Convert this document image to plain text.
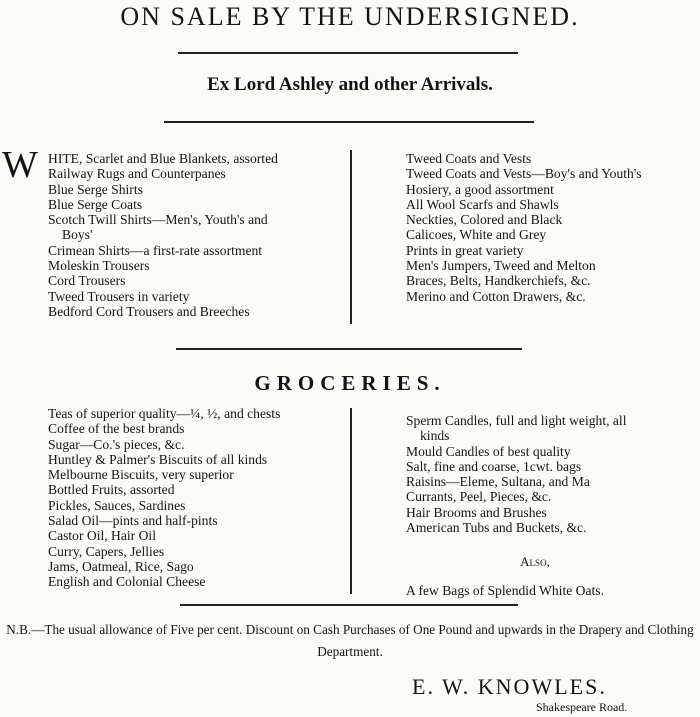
ON SALE BY THE UNDERSIGNED.
Ex Lord Ashley and other Arrivals.
W HITE, Scarlet and Blue Blankets, assorted
Railway Rugs and Counterpanes
Blue Serge Shirts
Blue Serge Coats
Scotch Twill Shirts—Men's, Youth's and
Boys'
Crimean Shirts—a first-rate assortment
Moleskin Trousers
Cord Trousers
Tweed Trousers in variety
Bedford Cord Trousers and Breeches
Tweed Coats and Vests
Tweed Coats and Vests—Boy's and Youth's
Hosiery, a good assortment
All Wool Scarfs and Shawls
Neckties, Colored and Black
Calicoes, White and Grey
Prints in great variety
Men's Jumpers, Tweed and Melton
Braces, Belts, Handkerchiefs, &c.
Merino and Cotton Drawers, &c.
GROCERIES.
Teas of superior quality—¼, ½, and chests
Coffee of the best brands
Sugar—Co.'s pieces, &c.
Huntley & Palmer's Biscuits of all kinds
Melbourne Biscuits, very superior
Bottled Fruits, assorted
Pickles, Sauces, Sardines
Salad Oil—pints and half-pints
Castor Oil, Hair Oil
Curry, Capers, Jellies
Jams, Oatmeal, Rice, Sago
English and Colonial Cheese
Sperm Candles, full and light weight, all
kinds
Mould Candles of best quality
Salt, fine and coarse, 1cwt. bags
Raisins—Eleme, Sultana, and Ma
Currants, Peel, Pieces, &c.
Hair Brooms and Brushes
American Tubs and Buckets, &c.
Also,
A few Bags of Splendid White Oats.
N.B.—The usual allowance of Five per cent. Discount on Cash Purchases of One Pound and upwards in the Drapery and Clothing Department.
E. W. KNOWLES.
Shakespeare Road.
